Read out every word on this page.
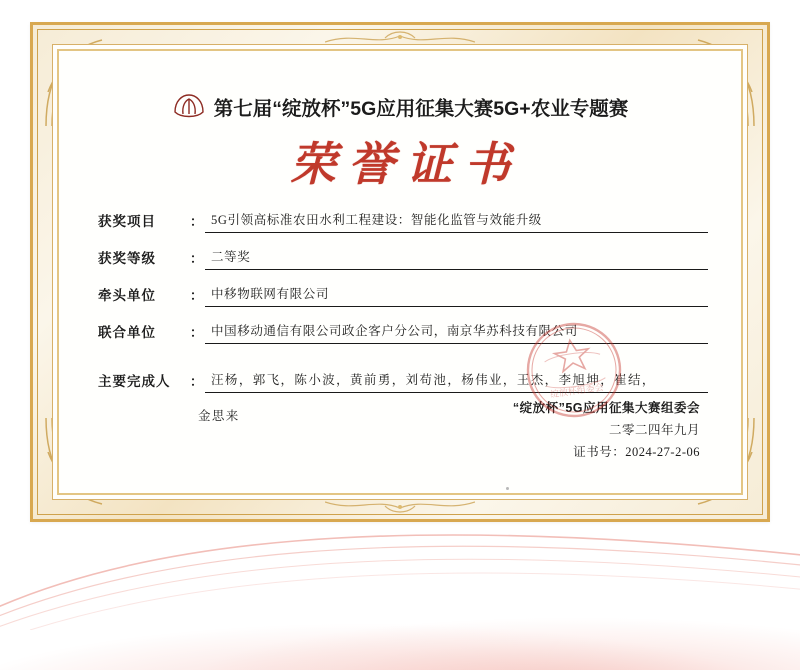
第七届“绽放杯”5G应用征集大赛5G+农业专题赛
荣誉证书
获奖项目	： 5G引领高标准农田水利工程建设：智能化监管与效能升级
获奖等级	： 二等奖
牵头单位	： 中移物联网有限公司
联合单位	： 中国移动通信有限公司政企客户分公司，南京华苏科技有限公司
主要完成人	： 汪杨，郭飞，陈小波，黄前勇，刘苟池，杨伟业，王杰，李旭坤，崔结，
金思来
“绽放杯”5G应用征集大赛组委会
二零二四年九月
证书号：2024-27-2-06
绽放杯组委会
